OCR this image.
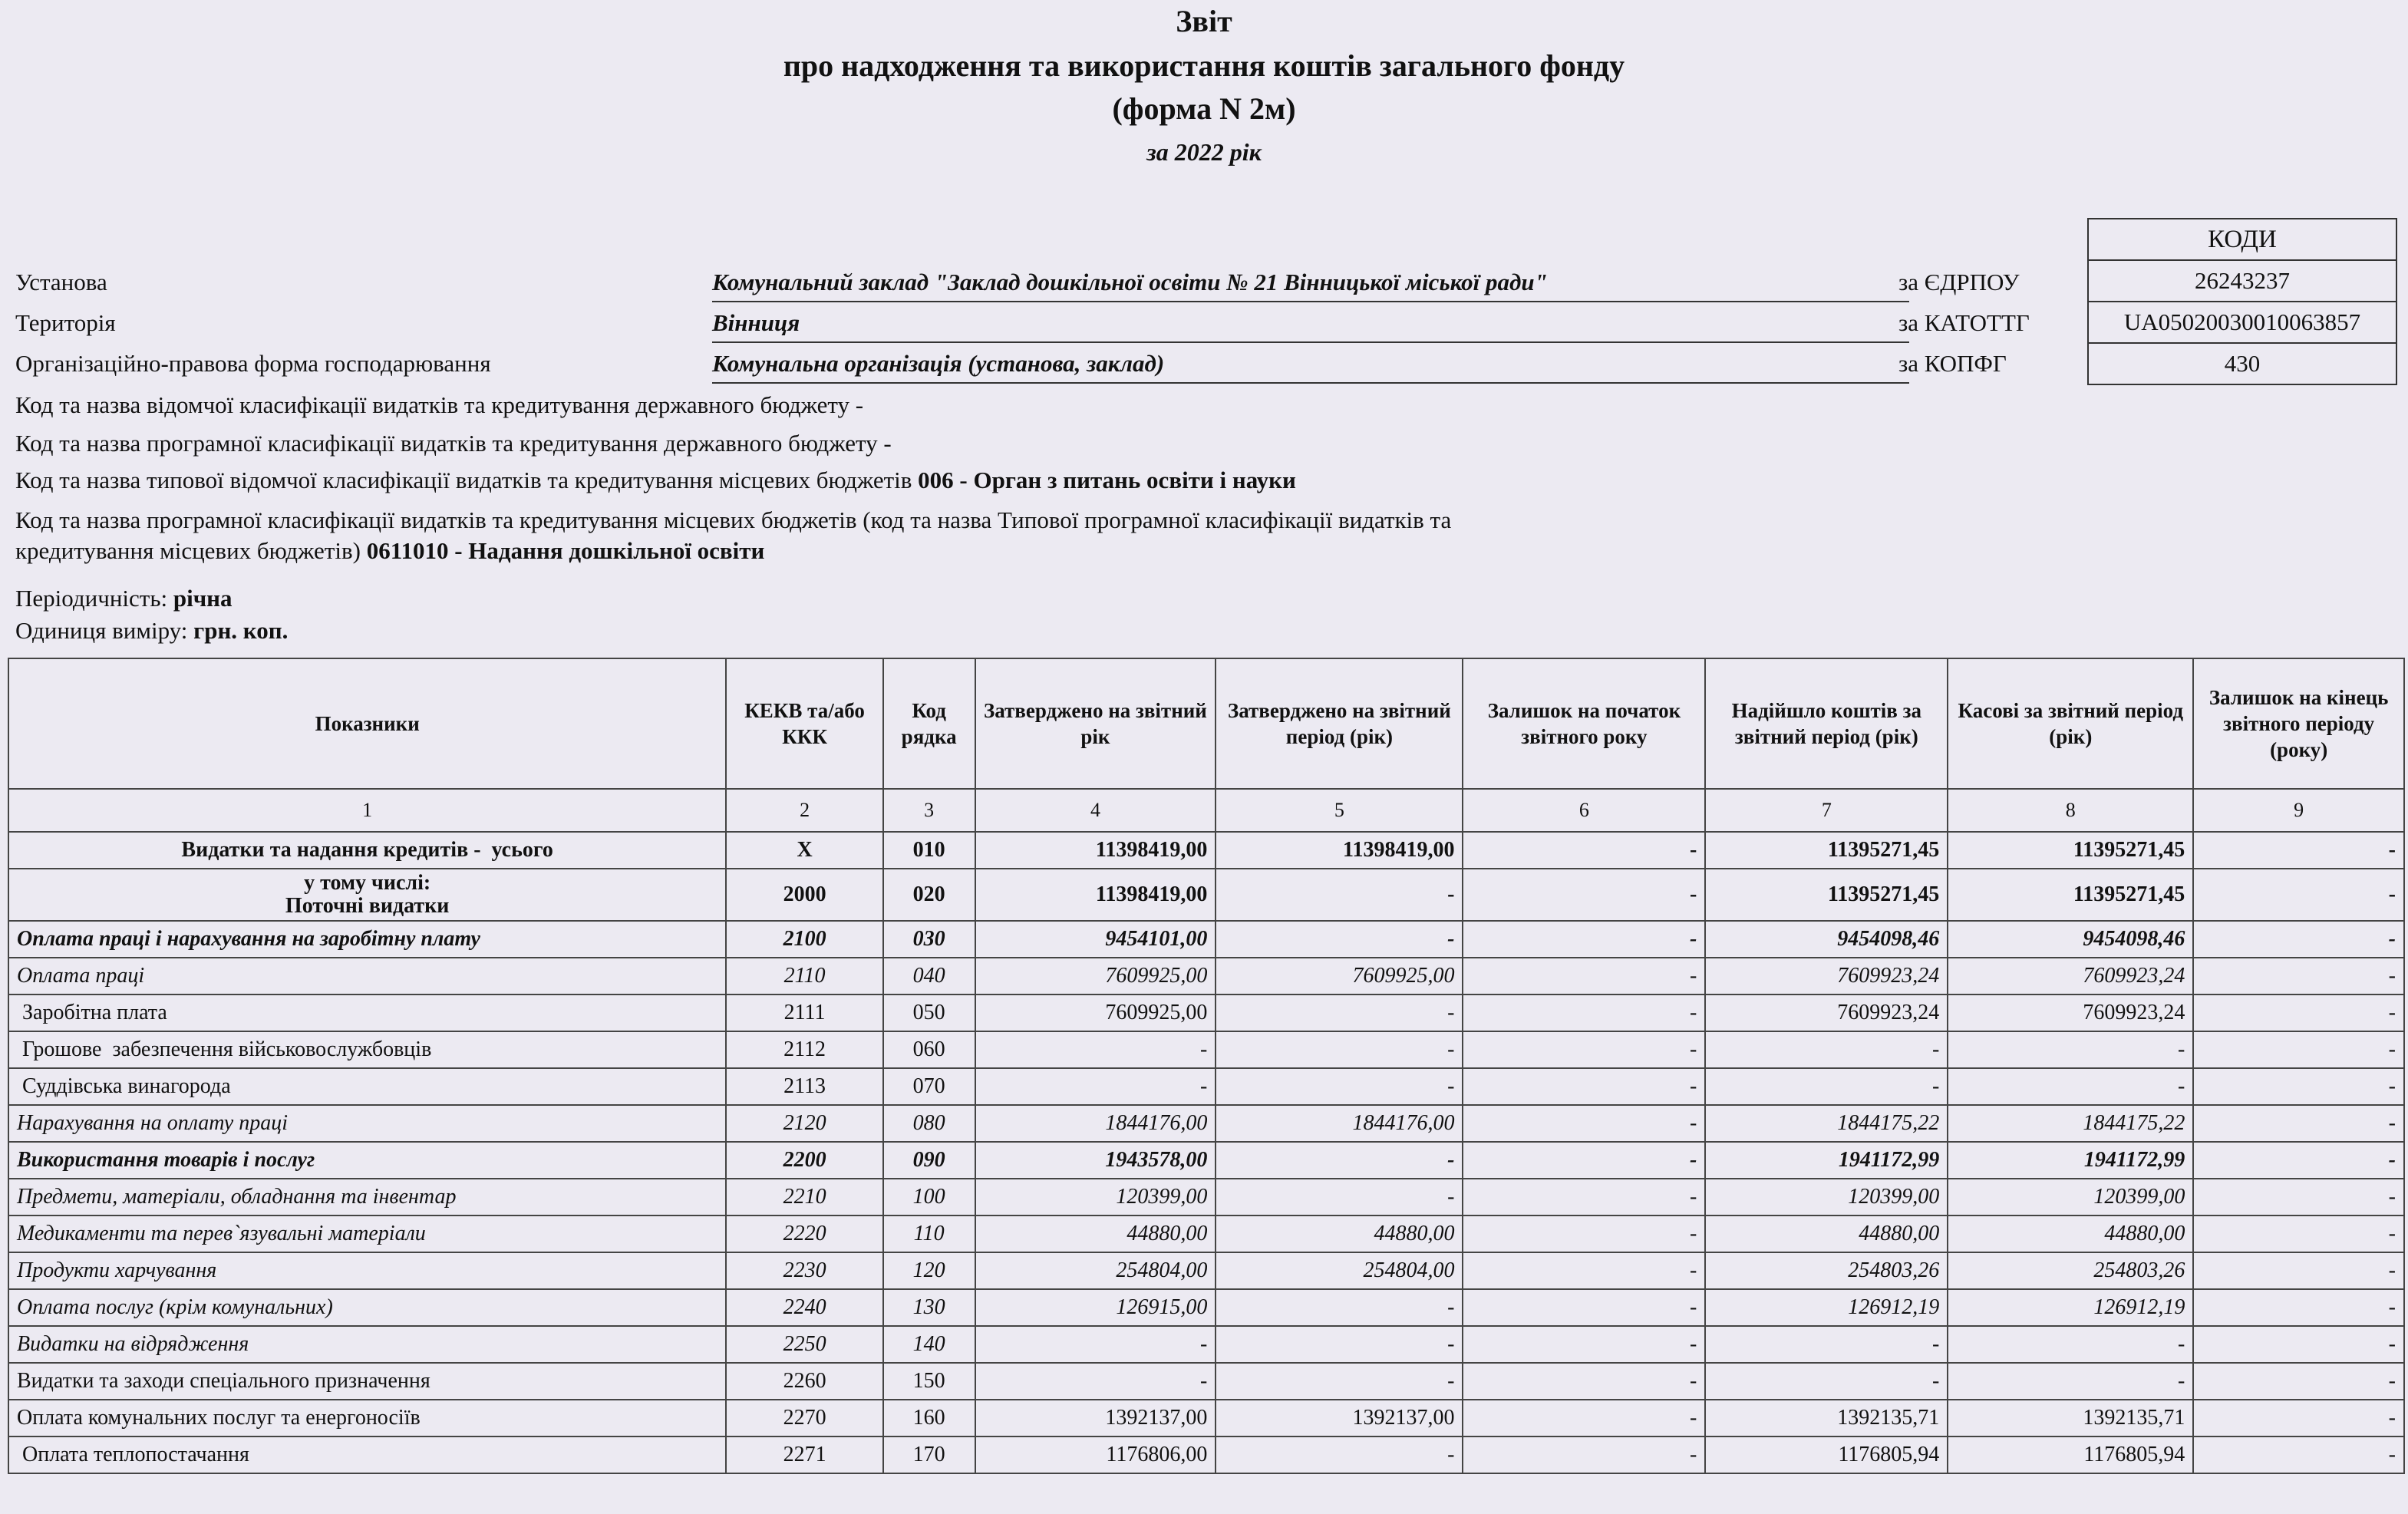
Звіт
про надходження та використання коштів загального фонду
(форма N 2м)
за 2022 рік
КОДИ
26243237
UA05020030010063857
430
Установа	Комунальний заклад "Заклад дошкільної освіти № 21 Вінницької міської ради"	за ЄДРПОУ
Територія	Вінниця	за КАТОТТГ
Організаційно-правова форма господарювання	Комунальна організація (установа, заклад)	за КОПФГ
Код та назва відомчої класифікації видатків та кредитування державного бюджету -
Код та назва програмної класифікації видатків та кредитування державного бюджету -
Код та назва типової відомчої класифікації видатків та кредитування місцевих бюджетів 006 - Орган з питань освіти і науки
Код та назва програмної класифікації видатків та кредитування місцевих бюджетів (код та назва Типової програмної класифікації видатків та
кредитування місцевих бюджетів) 0611010 - Надання дошкільної освіти
Періодичність: річна
Одиниця виміру: грн. коп.
Показники	КЕКВ та/або ККК	Код рядка	Затверджено на звітний рік	Затверджено на звітний період (рік)	Залишок на початок звітного року	Надійшло коштів за звітний період (рік)	Касові за звітний період (рік)	Залишок на кінець звітного періоду (року)
1	2	3	4	5	6	7	8	9
Видатки та надання кредитів -  усього	X	010	11398419,00	11398419,00	-	11395271,45	11395271,45	-

у тому числі:
Поточні видатки	2000	020	11398419,00	-	-	11395271,45	11395271,45	-
Оплата праці і нарахування на заробітну плату	2100	030	9454101,00	-	-	9454098,46	9454098,46	-
Оплата праці	2110	040	7609925,00	7609925,00	-	7609923,24	7609923,24	-
Заробітна плата	2111	050	7609925,00	-	-	7609923,24	7609923,24	-
Грошове  забезпечення військовослужбовців	2112	060	-	-	-	-	-	-
Суддівська винагорода	2113	070	-	-	-	-	-	-
Нарахування на оплату праці	2120	080	1844176,00	1844176,00	-	1844175,22	1844175,22	-
Використання товарів і послуг	2200	090	1943578,00	-	-	1941172,99	1941172,99	-
Предмети, матеріали, обладнання та інвентар	2210	100	120399,00	-	-	120399,00	120399,00	-
Медикаменти та перев`язувальні матеріали	2220	110	44880,00	44880,00	-	44880,00	44880,00	-
Продукти харчування	2230	120	254804,00	254804,00	-	254803,26	254803,26	-
Оплата послуг (крім комунальних)	2240	130	126915,00	-	-	126912,19	126912,19	-
Видатки на відрядження	2250	140	-	-	-	-	-	-
Видатки та заходи спеціального призначення	2260	150	-	-	-	-	-	-
Оплата комунальних послуг та енергоносіїв	2270	160	1392137,00	1392137,00	-	1392135,71	1392135,71	-
Оплата теплопостачання	2271	170	1176806,00	-	-	1176805,94	1176805,94	-
